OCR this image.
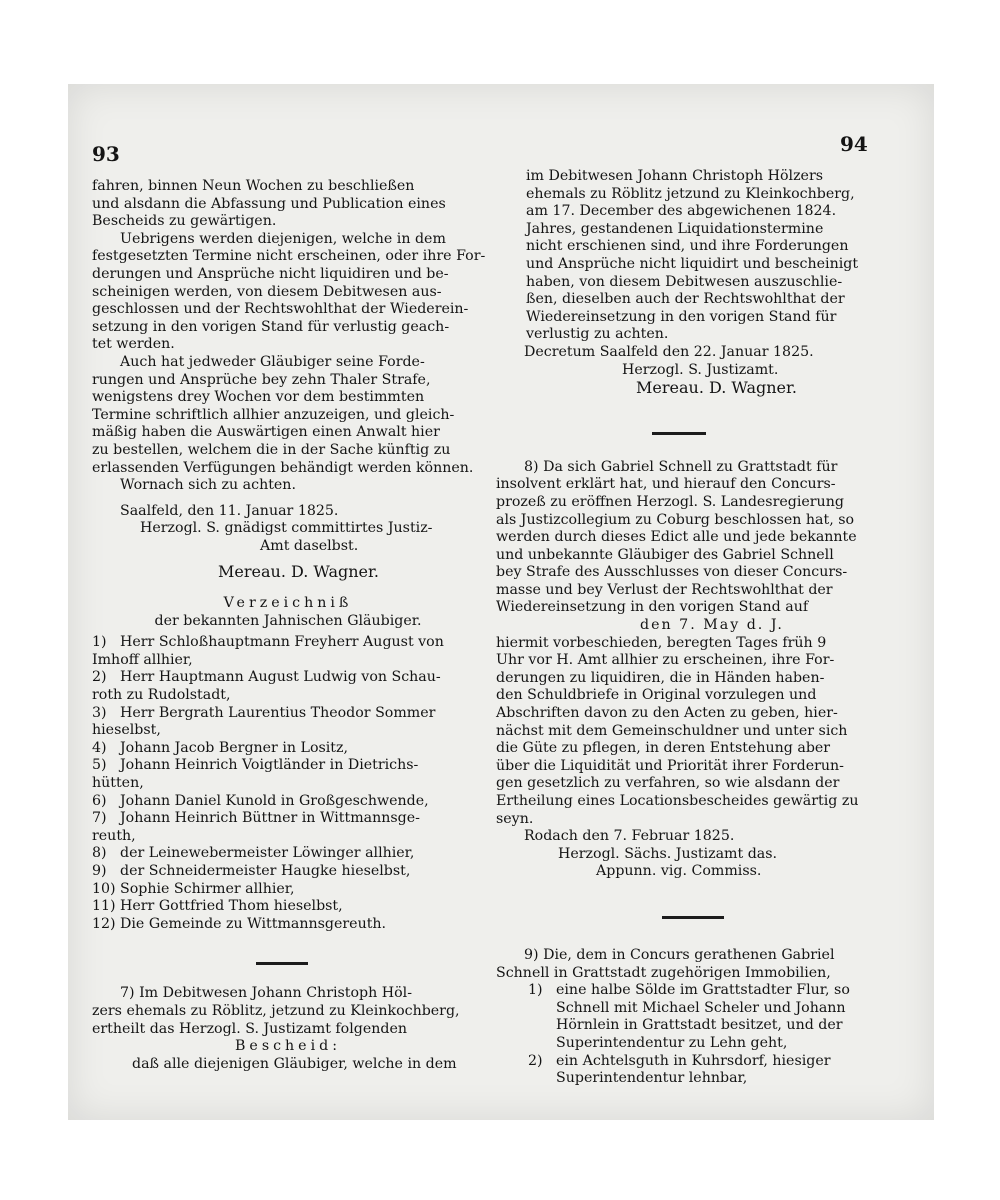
93
fahren, binnen Neun Wochen zu beschließen
und alsdann die Abfassung und Publication eines
Bescheids zu gewärtigen.
Uebrigens werden diejenigen, welche in dem
festgesetzten Termine nicht erscheinen, oder ihre For-
derungen und Ansprüche nicht liquidiren und be-
scheinigen werden, von diesem Debitwesen aus-
geschlossen und der Rechtswohlthat der Wiederein-
setzung in den vorigen Stand für verlustig geach-
tet werden.
Auch hat jedweder Gläubiger seine Forde-
rungen und Ansprüche bey zehn Thaler Strafe,
wenigstens drey Wochen vor dem bestimmten
Termine schriftlich allhier anzuzeigen, und gleich-
mäßig haben die Auswärtigen einen Anwalt hier
zu bestellen, welchem die in der Sache künftig zu
erlassenden Verfügungen behändigt werden können.
Wornach sich zu achten.
Saalfeld, den 11. Januar 1825.
Herzogl. S. gnädigst committirtes Justiz-
Amt daselbst.
Mereau. D. Wagner.
Verzeichniß
der bekannten Jahnischen Gläubiger.
1) Herr Schloßhauptmann Freyherr August von
Imhoff allhier,
2) Herr Hauptmann August Ludwig von Schau-
roth zu Rudolstadt,
3) Herr Bergrath Laurentius Theodor Sommer
hieselbst,
4) Johann Jacob Bergner in Lositz,
5) Johann Heinrich Voigtländer in Dietrichs-
hütten,
6) Johann Daniel Kunold in Großgeschwende,
7) Johann Heinrich Büttner in Wittmannsge-
reuth,
8) der Leinewebermeister Löwinger allhier,
9) der Schneidermeister Haugke hieselbst,
10) Sophie Schirmer allhier,
11) Herr Gottfried Thom hieselbst,
12) Die Gemeinde zu Wittmannsgereuth.
7) Im Debitwesen Johann Christoph Höl-
zers ehemals zu Röblitz, jetzund zu Kleinkochberg,
ertheilt das Herzogl. S. Justizamt folgenden
Bescheid:
daß alle diejenigen Gläubiger, welche in dem
94
im Debitwesen Johann Christoph Hölzers
ehemals zu Röblitz jetzund zu Kleinkochberg,
am 17. December des abgewichenen 1824.
Jahres, gestandenen Liquidationstermine
nicht erschienen sind, und ihre Forderungen
und Ansprüche nicht liquidirt und bescheinigt
haben, von diesem Debitwesen auszuschlie-
ßen, dieselben auch der Rechtswohlthat der
Wiedereinsetzung in den vorigen Stand für
verlustig zu achten.
Decretum Saalfeld den 22. Januar 1825.
Herzogl. S. Justizamt.
Mereau. D. Wagner.
8) Da sich Gabriel Schnell zu Grattstadt für
insolvent erklärt hat, und hierauf den Concurs-
prozeß zu eröffnen Herzogl. S. Landesregierung
als Justizcollegium zu Coburg beschlossen hat, so
werden durch dieses Edict alle und jede bekannte
und unbekannte Gläubiger des Gabriel Schnell
bey Strafe des Ausschlusses von dieser Concurs-
masse und bey Verlust der Rechtswohlthat der
Wiedereinsetzung in den vorigen Stand auf
den 7. May d. J.
hiermit vorbeschieden, beregten Tages früh 9
Uhr vor H. Amt allhier zu erscheinen, ihre For-
derungen zu liquidiren, die in Händen haben-
den Schuldbriefe in Original vorzulegen und
Abschriften davon zu den Acten zu geben, hier-
nächst mit dem Gemeinschuldner und unter sich
die Güte zu pflegen, in deren Entstehung aber
über die Liquidität und Priorität ihrer Forderun-
gen gesetzlich zu verfahren, so wie alsdann der
Ertheilung eines Locationsbescheides gewärtig zu
seyn.
Rodach den 7. Februar 1825.
Herzogl. Sächs. Justizamt das.
Appunn. vig. Commiss.
9) Die, dem in Concurs gerathenen Gabriel
Schnell in Grattstadt zugehörigen Immobilien,
1) eine halbe Sölde im Grattstadter Flur, so
Schnell mit Michael Scheler und Johann
Hörnlein in Grattstadt besitzet, und der
Superintendentur zu Lehn geht,
2) ein Achtelsguth in Kuhrsdorf, hiesiger
Superintendentur lehnbar,
